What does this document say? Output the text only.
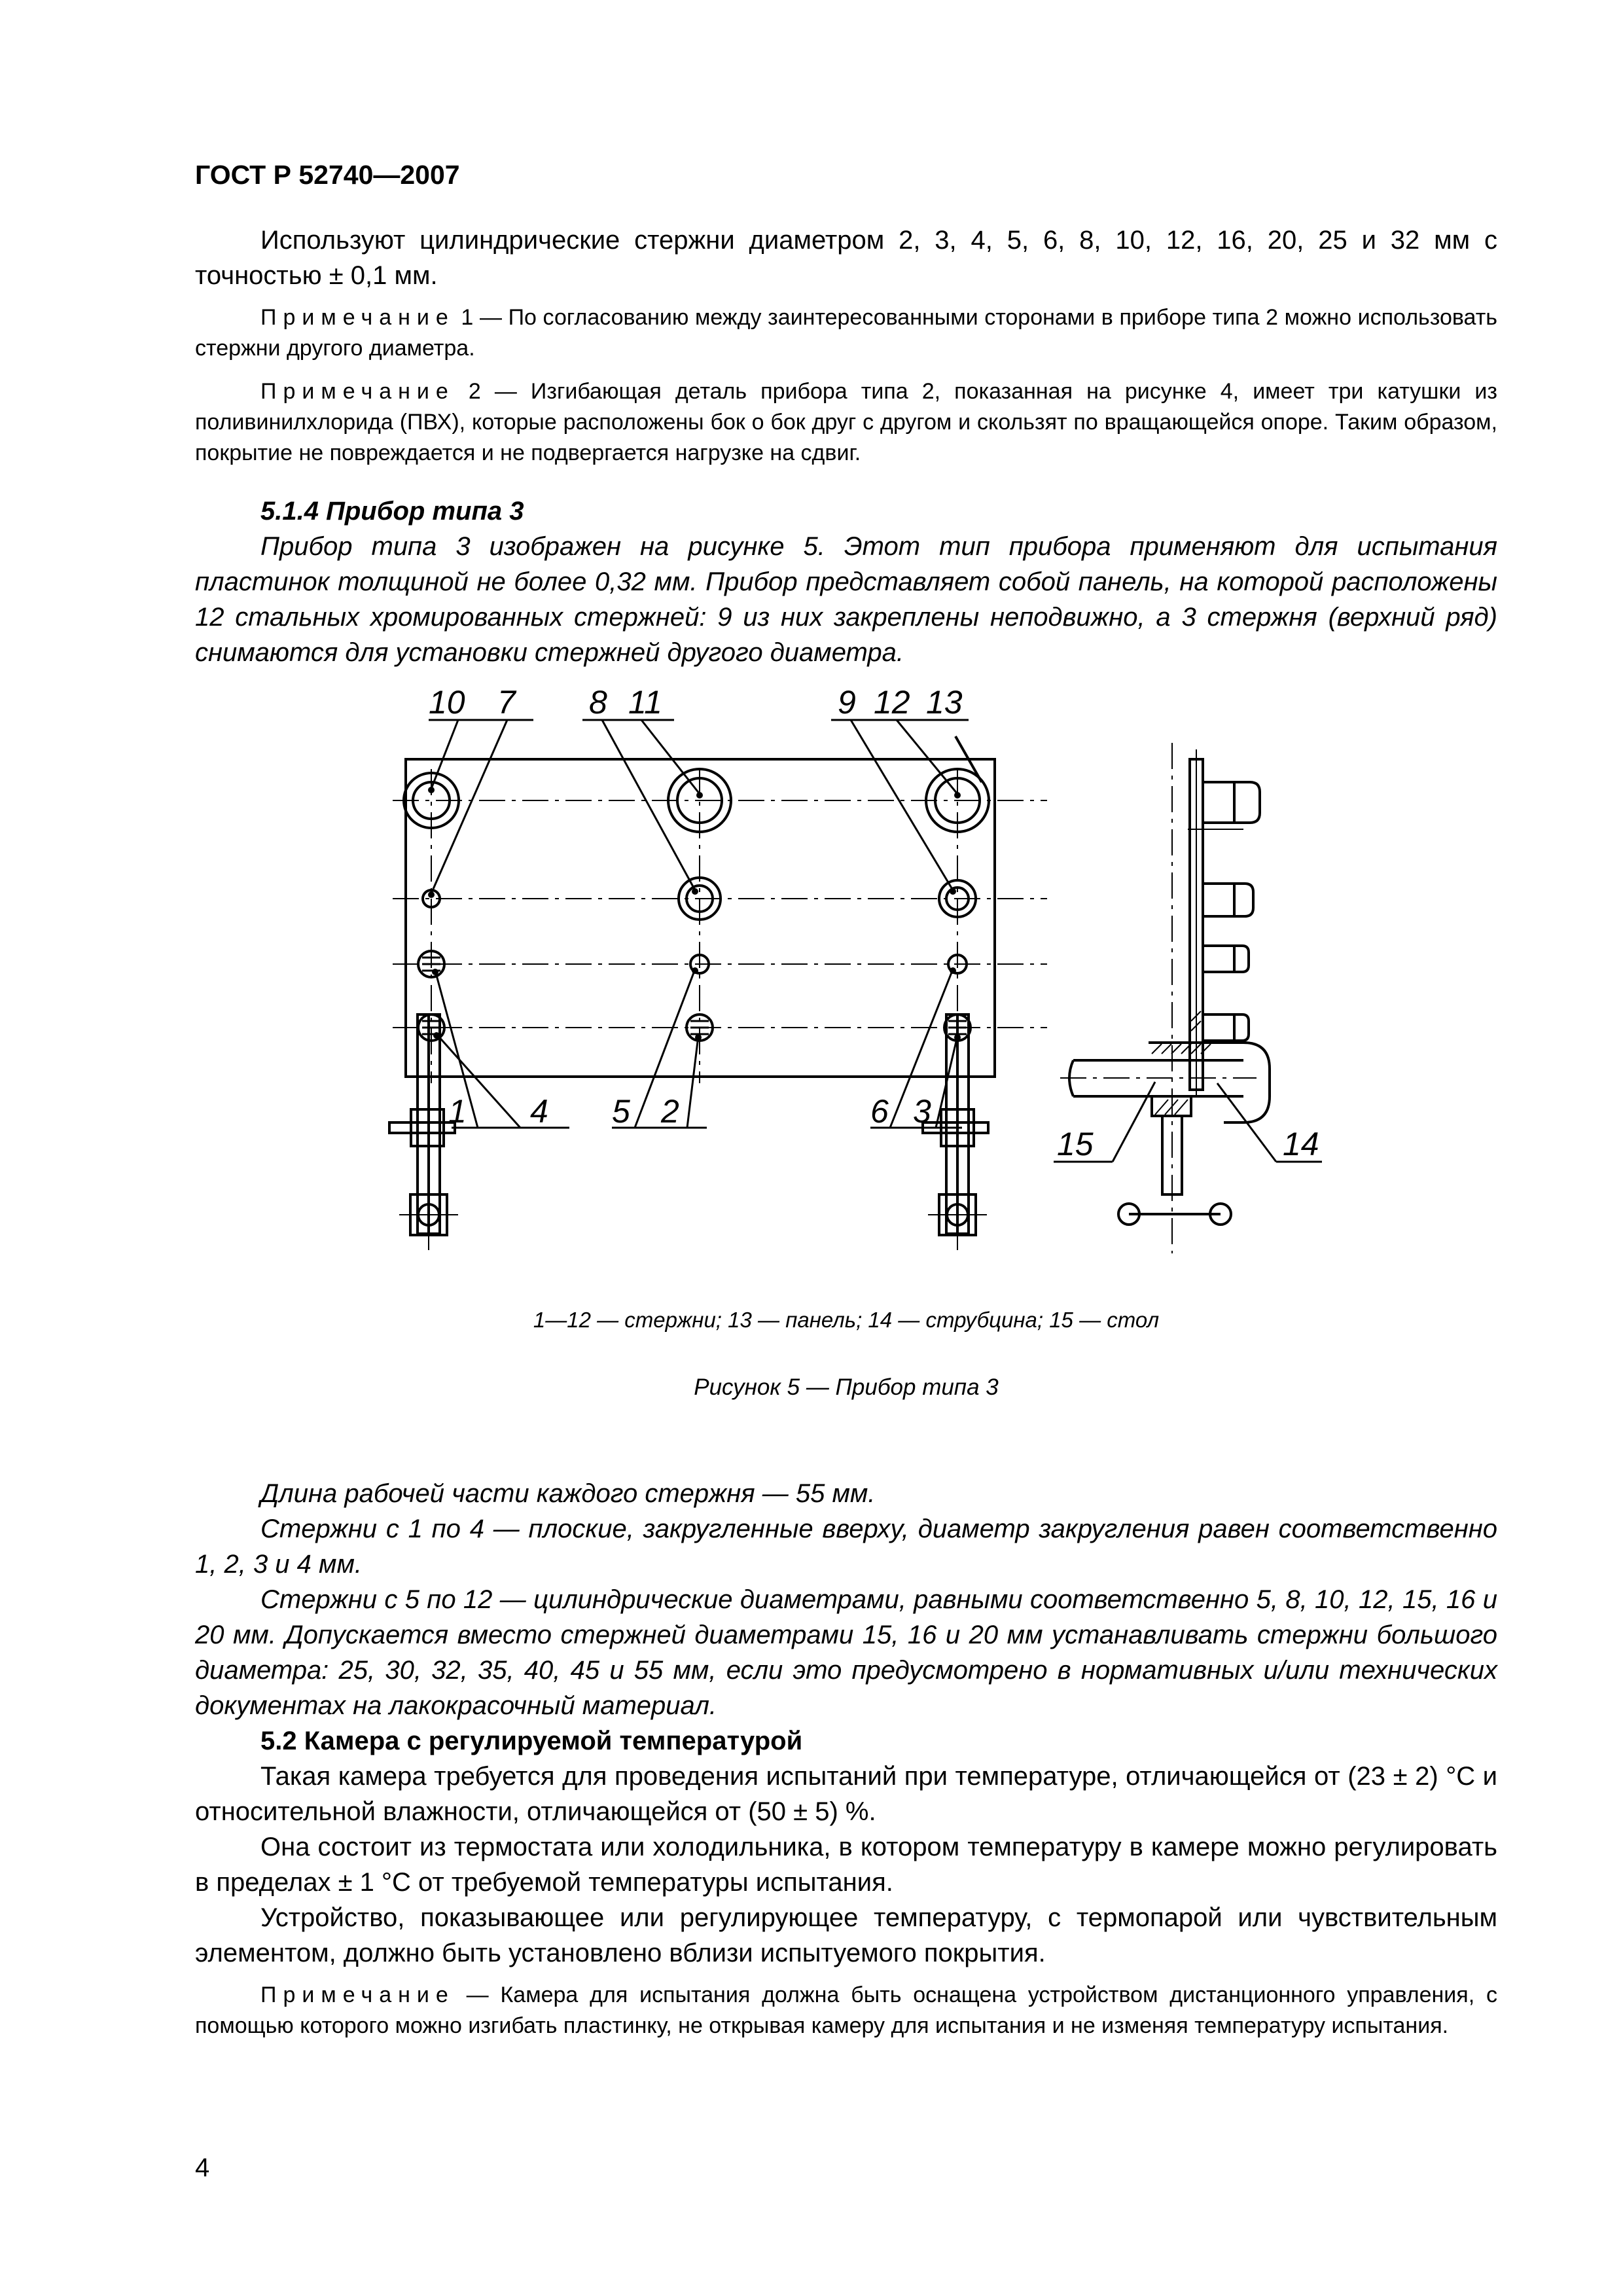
ГОСТ Р 52740—2007

Используют цилиндрические стержни диаметром 2, 3, 4, 5, 6, 8, 10, 12, 16, 20, 25 и 32 мм с точностью ± 0,1 мм.

Примечание 1 — По согласованию между заинтересованными сторонами в приборе типа 2 можно использовать стержни другого диаметра.

Примечание 2 — Изгибающая деталь прибора типа 2, показанная на рисунке 4, имеет три катушки из поливинилхлорида (ПВХ), которые расположены бок о бок друг с другом и скользят по вращающейся опоре. Таким образом, покрытие не повреждается и не подвергается нагрузке на сдвиг.

5.1.4 Прибор типа 3

Прибор типа 3 изображен на рисунке 5. Этот тип прибора применяют для испытания пластинок толщиной не более 0,32 мм. Прибор представляет собой панель, на которой расположены 12 стальных хромированных стержней: 9 из них закреплены неподвижно, а 3 стержня (верхний ряд) снимаются для установки стержней другого диаметра.

10 7 8 11	9 12 13
1 4 5 2	6 3
15	14
1—12 — стержни; 13 — панель; 14 — струбцина; 15 — стол
Рисунок 5 — Прибор типа 3
Длина рабочей части каждого стержня — 55 мм.

Стержни с 1 по 4 — плоские, закругленные вверху, диаметр закругления равен соответственно 1, 2, 3 и 4 мм.

Стержни с 5 по 12 — цилиндрические диаметрами, равными соответственно 5, 8, 10, 12, 15, 16 и 20 мм. Допускается вместо стержней диаметрами 15, 16 и 20 мм устанавливать стержни большого диаметра: 25, 30, 32, 35, 40, 45 и 55 мм, если это предусмотрено в нормативных и/или технических документах на лакокрасочный материал.

5.2 Камера с регулируемой температурой

Такая камера требуется для проведения испытаний при температуре, отличающейся от (23 ± 2) °С и относительной влажности, отличающейся от (50 ± 5) %.

Она состоит из термостата или холодильника, в котором температуру в камере можно регулировать в пределах ± 1 °С от требуемой температуры испытания.

Устройство, показывающее или регулирующее температуру, с термопарой или чувствительным элементом, должно быть установлено вблизи испытуемого покрытия.

Примечание — Камера для испытания должна быть оснащена устройством дистанционного управления, с помощью которого можно изгибать пластинку, не открывая камеру для испытания и не изменяя температуру испытания.

4
